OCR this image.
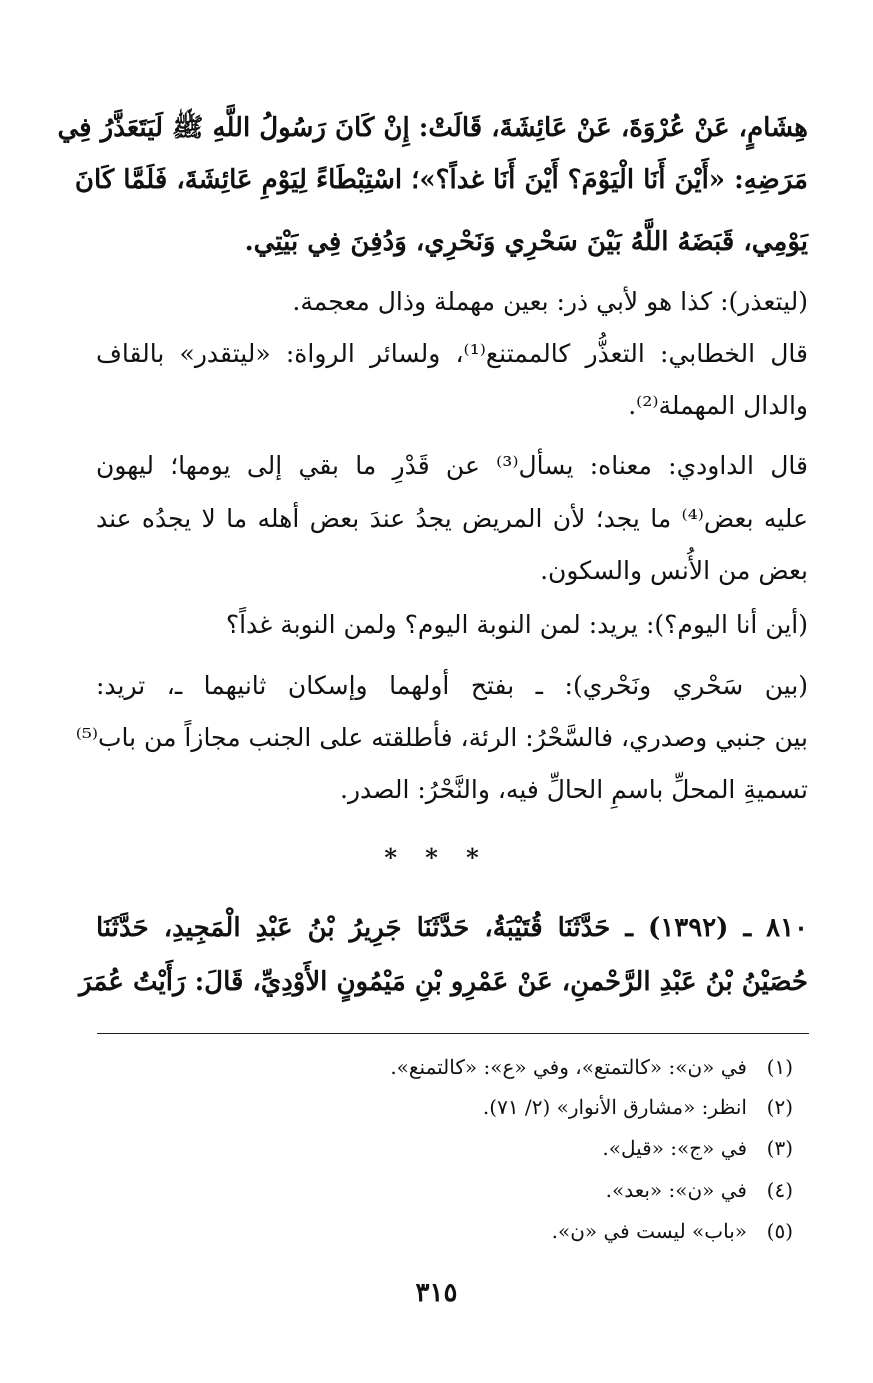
هِشَامٍ، عَنْ عُرْوَةَ، عَنْ عَائِشَةَ، قَالَتْ: إِنْ كَانَ رَسُولُ اللَّهِ ﷺ لَيَتَعَذَّرُ فِي
مَرَضِهِ: «أَيْنَ أَنَا الْيَوْمَ؟ أَيْنَ أَنَا غداً؟»؛ اسْتِبْطَاءً لِيَوْمِ عَائِشَةَ، فَلَمَّا كَانَ
يَوْمِي، قَبَضَهُ اللَّهُ بَيْنَ سَحْرِي وَنَحْرِي، وَدُفِنَ فِي بَيْتِي.
(ليتعذر): كذا هو لأبي ذر: بعين مهملة وذال معجمة.
قال الخطابي: التعذُّر كالممتنع⁽¹⁾، ولسائر الرواة: «ليتقدر» بالقاف
والدال المهملة⁽²⁾.
قال الداودي: معناه: يسأل⁽³⁾ عن قَدْرِ ما بقي إلى يومها؛ ليهون
عليه بعض⁽⁴⁾ ما يجد؛ لأن المريض يجدُ عندَ بعض أهله ما لا يجدُه عند
بعض من الأُنس والسكون.
(أين أنا اليوم؟): يريد: لمن النوبة اليوم؟ ولمن النوبة غداً؟
(بين سَحْري ونَحْري): ـ بفتح أولهما وإسكان ثانيهما ـ، تريد:
بين جنبي وصدري، فالسَّحْرُ: الرئة، فأطلقته على الجنب مجازاً من باب⁽⁵⁾
تسميةِ المحلِّ باسمِ الحالِّ فيه، والنَّحْرُ: الصدر.
* * *
٨١٠ ـ (١٣٩٢) ـ حَدَّثَنَا قُتَيْبَةُ، حَدَّثَنَا جَرِيرُ بْنُ عَبْدِ الْمَجِيدِ، حَدَّثَنَا
حُصَيْنُ بْنُ عَبْدِ الرَّحْمنِ، عَنْ عَمْرِو بْنِ مَيْمُونٍ الأَوْدِيِّ، قَالَ: رَأَيْتُ عُمَرَ
(١)في «ن»: «كالتمتع»، وفي «ع»: «كالتمنع».
(٢)انظر: «مشارق الأنوار» (٢/ ٧١).
(٣)في «ج»: «قيل».
(٤)في «ن»: «بعد».
(٥)«باب» ليست في «ن».
٣١٥
